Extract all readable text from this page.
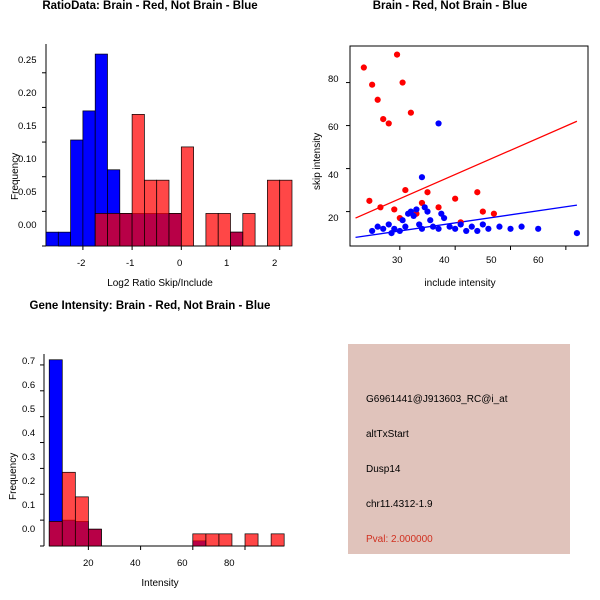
RatioData: Brain - Red, Not Brain - Blue
Frequency
0.25
0.20
0.15
0.10
0.05
0.00
-2	-1	0	1	2
Log2 Ratio Skip/Include
Brain - Red, Not Brain - Blue
skip intensity
80
60
40
20
30	40	50	60
include intensity
Gene Intensity: Brain - Red, Not Brain - Blue
Frequency
0.7
0.6
0.5
0.4
0.3
0.2
0.1
0.0
20	40	60	80
Intensity
G6961441@J913603_RC@i_at
altTxStart
Dusp14
chr11.4312-1.9
Pval: 2.000000
